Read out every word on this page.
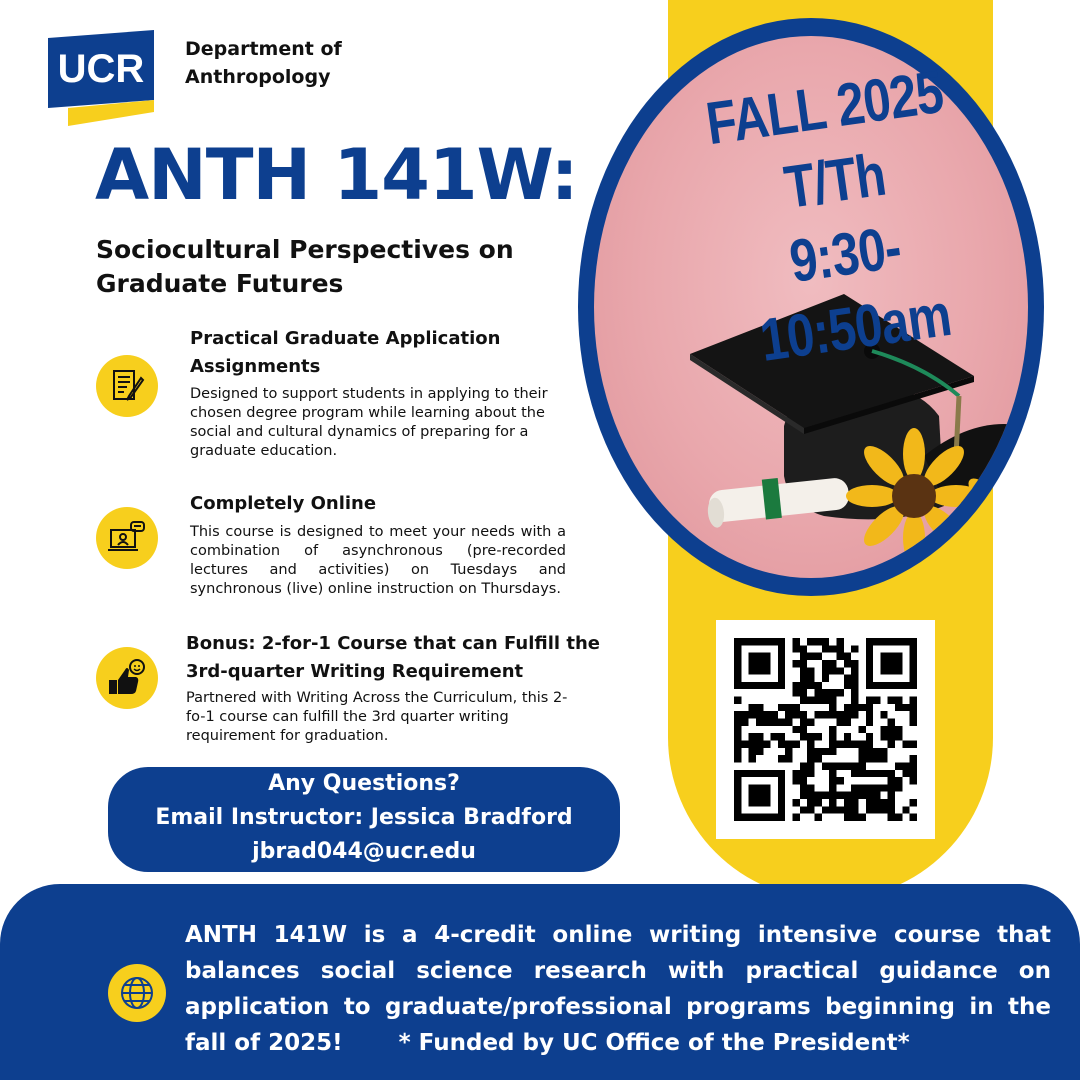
FALL 2025
T/Th
9:30-10:50am
UCR Department of
Anthropology
ANTH 141W:
Sociocultural Perspectives on
Graduate Futures
Practical Graduate Application
Assignments
Designed to support students in applying to their chosen degree program while learning about the social and cultural dynamics of preparing for a graduate education.
Completely Online
This course is designed to meet your needs with a combination of asynchronous (pre-recorded lectures and activities) on Tuesdays and synchronous (live) online instruction on Thursdays.
Bonus: 2-for-1 Course that can Fulfill the
3rd-quarter Writing Requirement
Partnered with Writing Across the Curriculum, this 2-fo-1 course can fulfill the 3rd quarter writing requirement for graduation.
Any Questions?
Email Instructor: Jessica Bradford
jbrad044@ucr.edu
ANTH 141W is a 4-credit online writing intensive course that balances social science research with practical guidance on application to graduate/professional programs beginning in the fall of 2025! * Funded by UC Office of the President*
